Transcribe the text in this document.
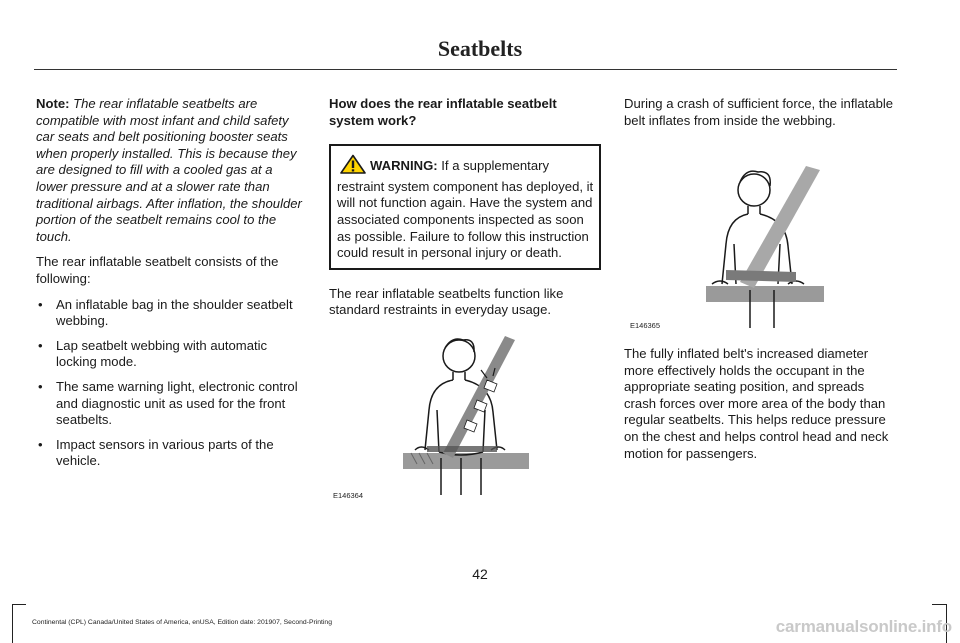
Seatbelts

Note: The rear inflatable seatbelts are compatible with most infant and child safety car seats and belt positioning booster seats when properly installed. This is because they are designed to fill with a cooled gas at a lower pressure and at a slower rate than traditional airbags. After inflation, the shoulder portion of the seatbelt remains cool to the touch.

The rear inflatable seatbelt consists of the following:

• An inflatable bag in the shoulder seatbelt webbing.
• Lap seatbelt webbing with automatic locking mode.
• The same warning light, electronic control and diagnostic unit as used for the front seatbelts.
• Impact sensors in various parts of the vehicle.

How does the rear inflatable seatbelt system work?

WARNING: If a supplementary restraint system component has deployed, it will not function again. Have the system and associated components inspected as soon as possible. Failure to follow this instruction could result in personal injury or death.

The rear inflatable seatbelts function like standard restraints in everyday usage.

E146364

During a crash of sufficient force, the inflatable belt inflates from inside the webbing.

E146365

The fully inflated belt's increased diameter more effectively holds the occupant in the appropriate seating position, and spreads crash forces over more area of the body than regular seatbelts. This helps reduce pressure on the chest and helps control head and neck motion for passengers.

42
Continental (CPL) Canada/United States of America, enUSA, Edition date: 201907, Second-Printing	carmanualsonline.info
